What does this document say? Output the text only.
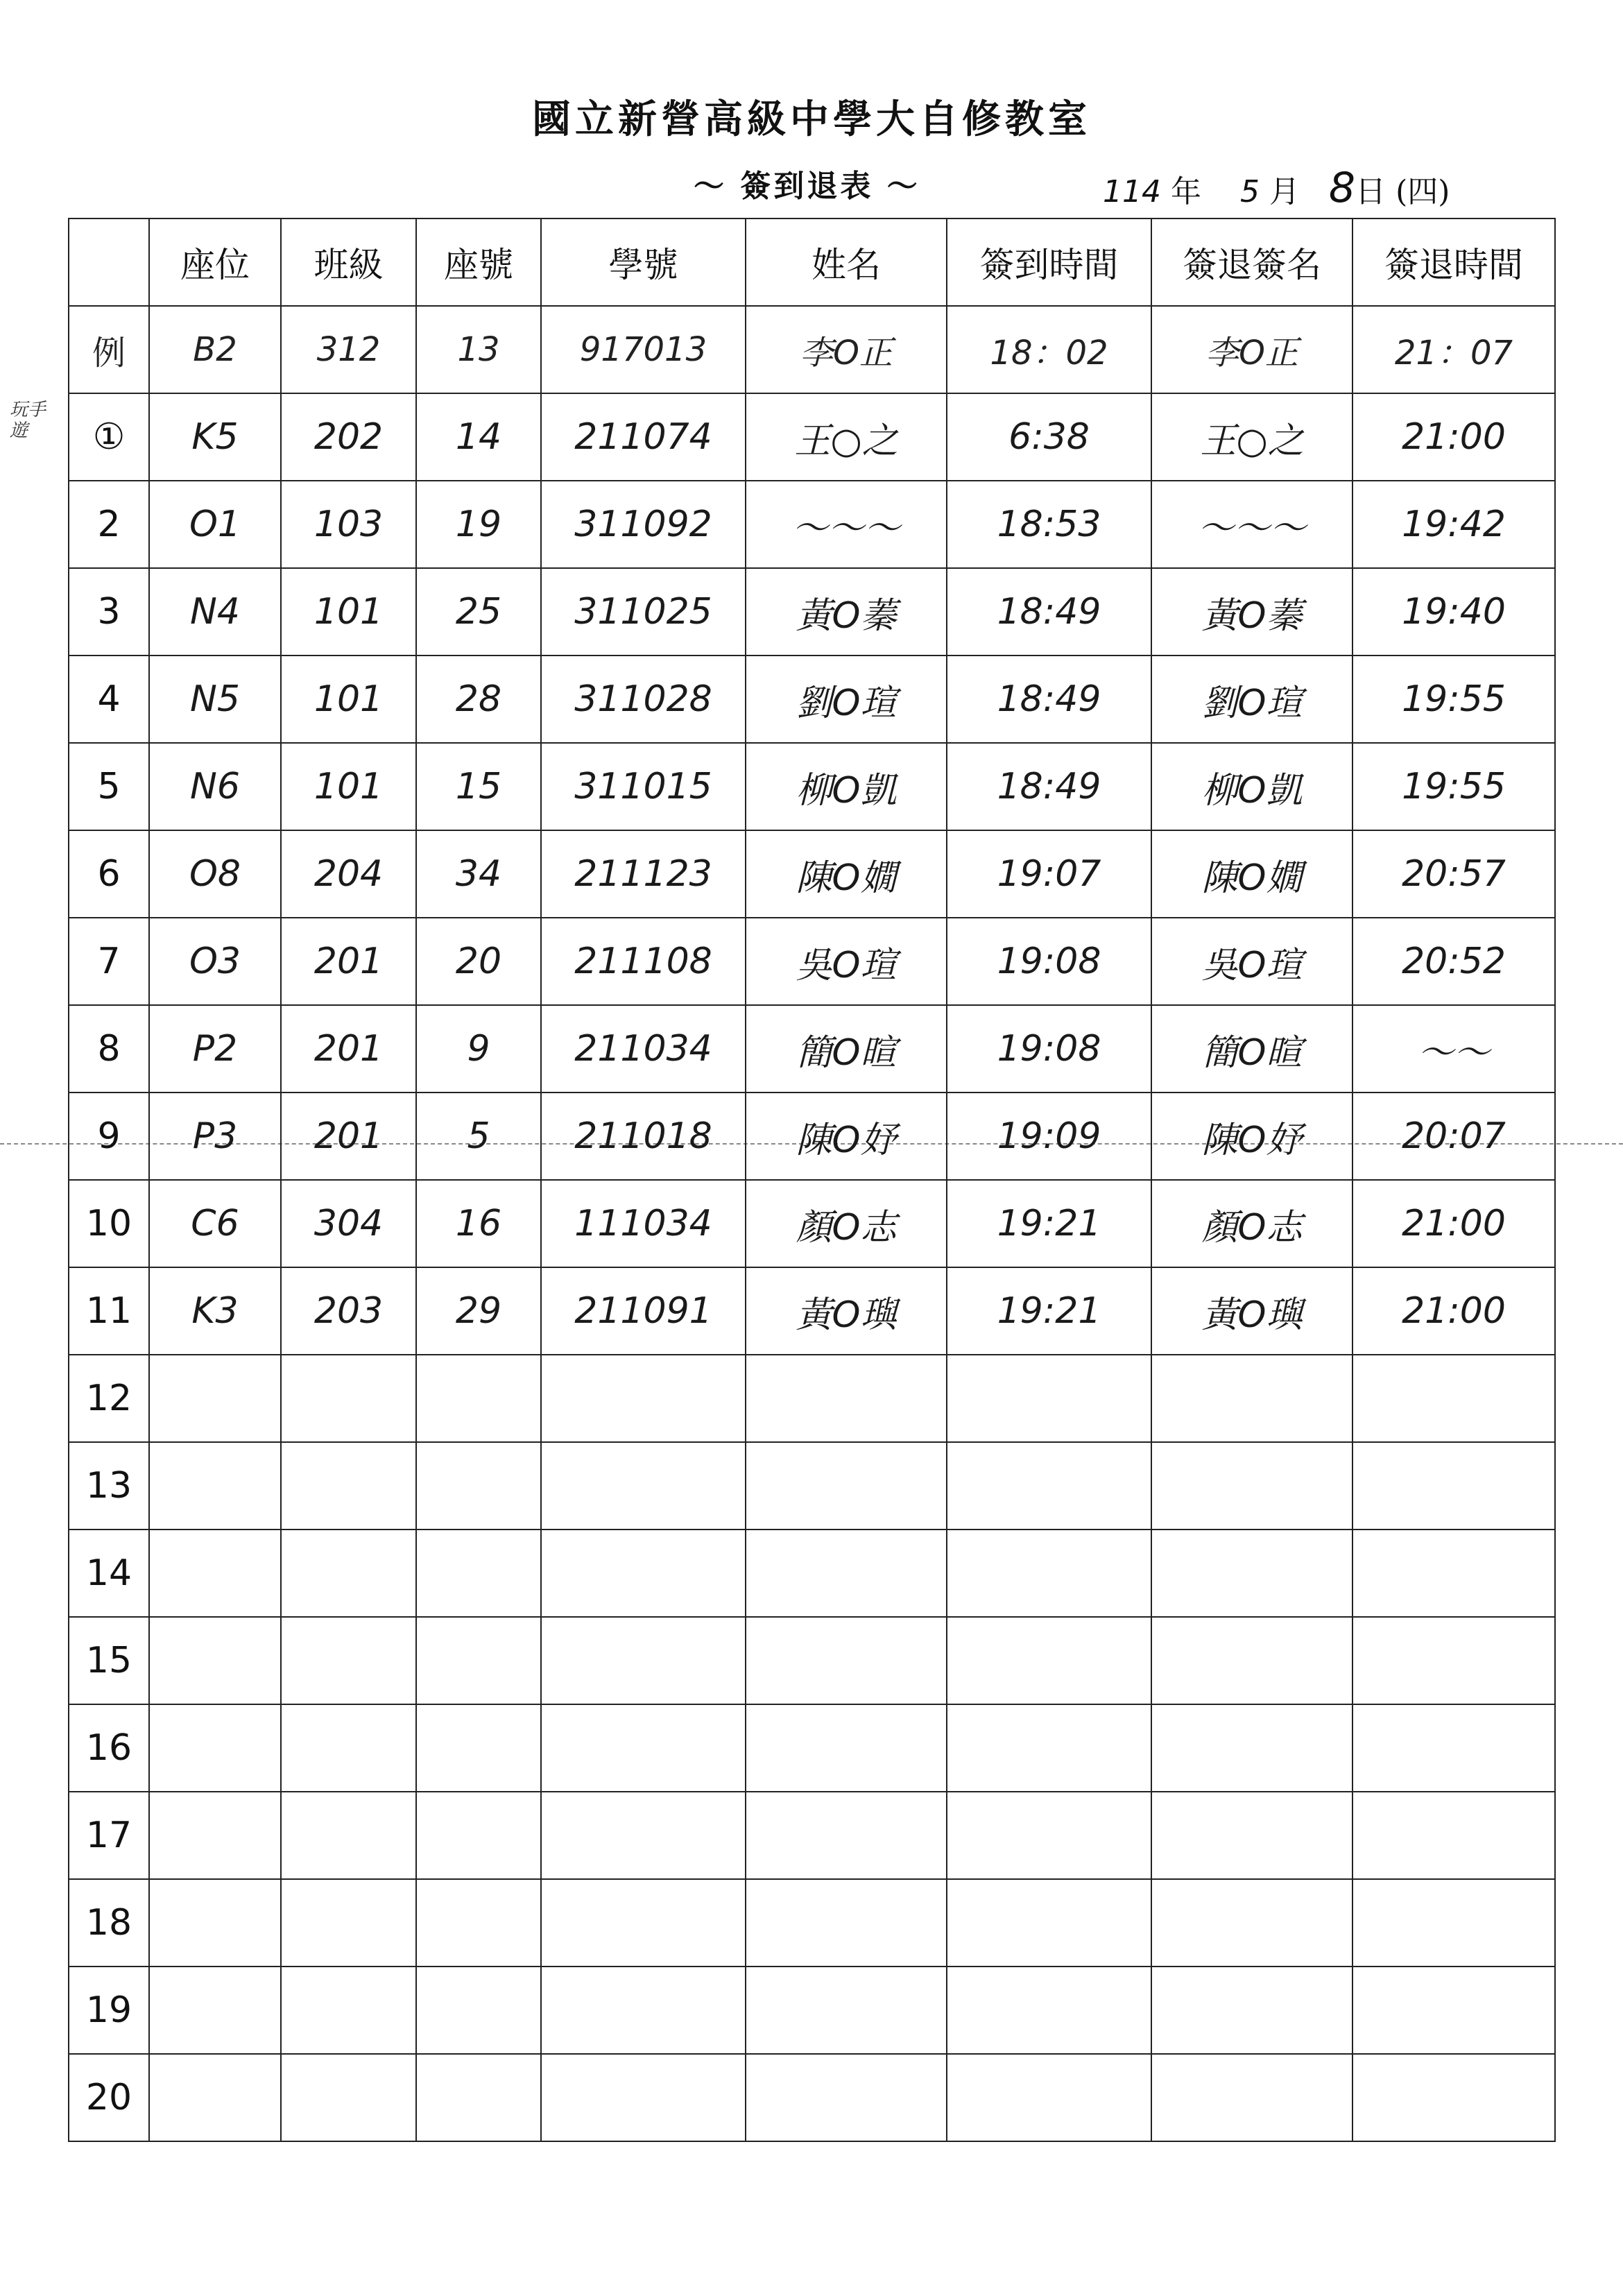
國立新營高級中學大自修教室
～ 簽到退表 ～	114 年 5 月 8日 (四)
玩手遊
	座位	班級	座號	學號	姓名	簽到時間	簽退簽名	簽退時間
例	B2	312	13	917013	李O正	18：02	李O正	21：07
①	K5	202	14	211074	王○之	6:38	王○之	21:00
2	O1	103	19	311092	～～～	18:53	～～～	19:42
3	N4	101	25	311025	黃O蓁	18:49	黃O蓁	19:40
4	N5	101	28	311028	劉O瑄	18:49	劉O瑄	19:55
5	N6	101	15	311015	柳O凱	18:49	柳O凱	19:55
6	O8	204	34	211123	陳O嫺	19:07	陳O嫺	20:57
7	O3	201	20	211108	吳O瑄	19:08	吳O瑄	20:52
8	P2	201	9	211034	簡O暄	19:08	簡O暄	～～
9	P3	201	5	211018	陳O妤	19:09	陳O妤	20:07
10	C6	304	16	111034	顏O志	19:21	顏O志	21:00
11	K3	203	29	211091	黃O璵	19:21	黃O璵	21:00
12								
13								
14								
15								
16								
17								
18								
19								
20								
